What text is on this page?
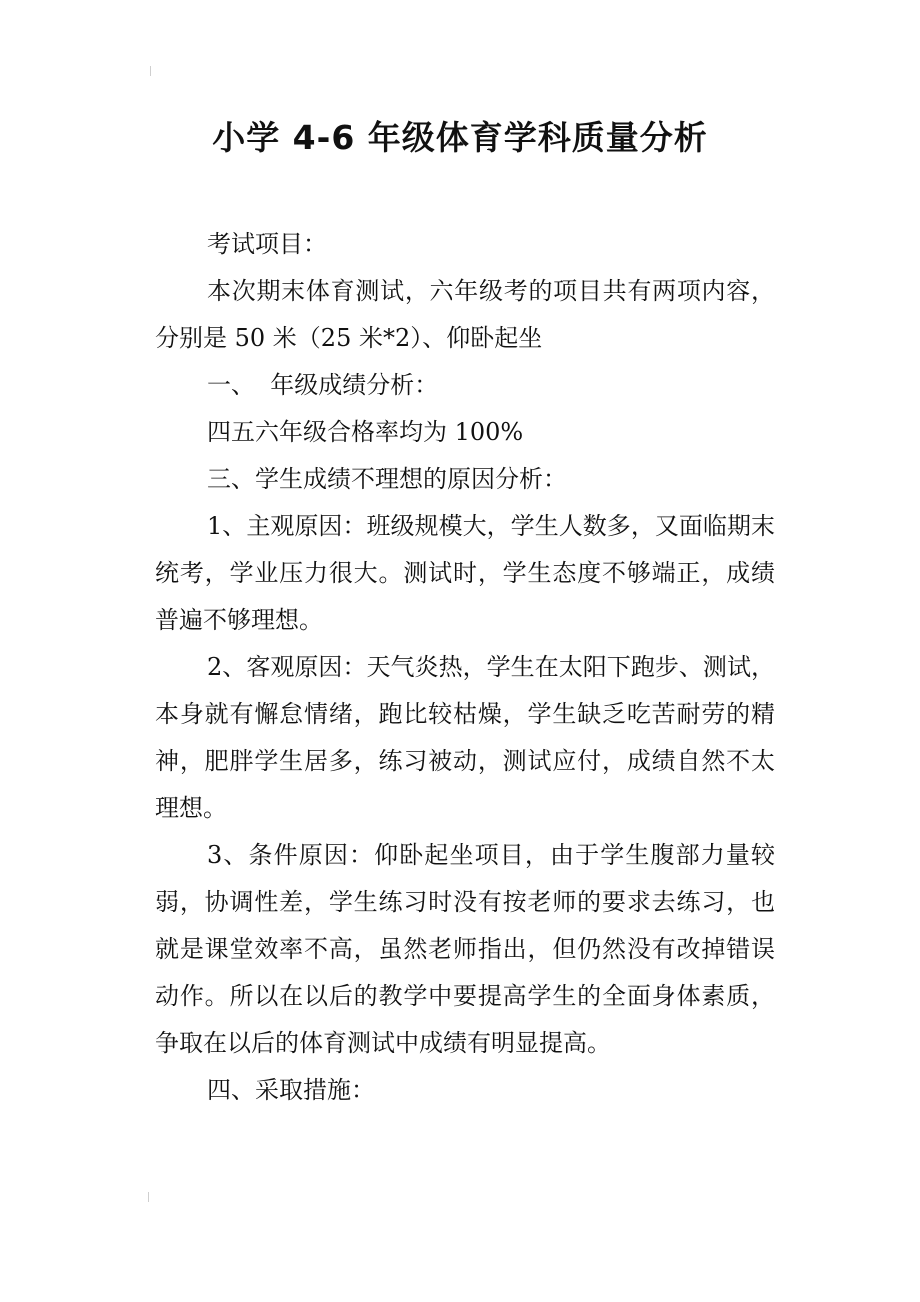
小学 4-6 年级体育学科质量分析

考试项目：

本次期末体育测试，六年级考的项目共有两项内容，分别是 50 米（25 米*2）、仰卧起坐

一、  年级成绩分析：

四五六年级合格率均为 100%

三、学生成绩不理想的原因分析：

1、主观原因：班级规模大，学生人数多，又面临期末统考，学业压力很大。测试时，学生态度不够端正，成绩普遍不够理想。

2、客观原因：天气炎热，学生在太阳下跑步、测试，本身就有懈怠情绪，跑比较枯燥，学生缺乏吃苦耐劳的精神，肥胖学生居多，练习被动，测试应付，成绩自然不太理想。

3、条件原因：仰卧起坐项目，由于学生腹部力量较弱，协调性差，学生练习时没有按老师的要求去练习，也就是课堂效率不高，虽然老师指出，但仍然没有改掉错误动作。所以在以后的教学中要提高学生的全面身体素质，争取在以后的体育测试中成绩有明显提高。

四、采取措施：
